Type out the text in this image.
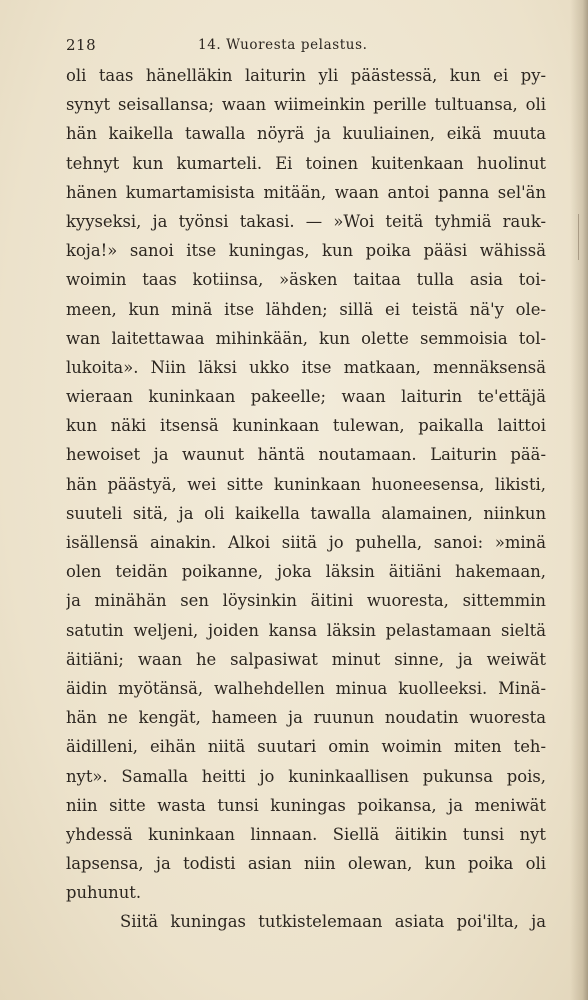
218	14. Wuoresta pelastus.
oli taas hänelläkin laiturin yli päästessä, kun ei py-
synyt seisallansa; waan wiimeinkin perille tultuansa, oli
hän kaikella tawalla nöyrä ja kuuliainen, eikä muuta
tehnyt kun kumarteli. Ei toinen kuitenkaan huolinut
hänen kumartamisista mitään, waan antoi panna sel'än
kyyseksi, ja työnsi takasi. — »Woi teitä tyhmiä rauk-
koja!» sanoi itse kuningas, kun poika pääsi wähissä
woimin taas kotiinsa, »äsken taitaa tulla asia toi-
meen, kun minä itse lähden; sillä ei teistä nä'y ole-
wan laitettawaa mihinkään, kun olette semmoisia tol-
lukoita». Niin läksi ukko itse matkaan, mennäksensä
wieraan kuninkaan pakeelle; waan laiturin te'ettäjä
kun näki itsensä kuninkaan tulewan, paikalla laittoi
hewoiset ja waunut häntä noutamaan. Laiturin pää-
hän päästyä, wei sitte kuninkaan huoneesensa, likisti,
suuteli sitä, ja oli kaikella tawalla alamainen, niinkun
isällensä ainakin. Alkoi siitä jo puhella, sanoi: »minä
olen teidän poikanne, joka läksin äitiäni hakemaan,
ja minähän sen löysinkin äitini wuoresta, sittemmin
satutin weljeni, joiden kansa läksin pelastamaan sieltä
äitiäni; waan he salpasiwat minut sinne, ja weiwät
äidin myötänsä, walhehdellen minua kuolleeksi. Minä-
hän ne kengät, hameen ja ruunun noudatin wuoresta
äidilleni, eihän niitä suutari omin woimin miten teh-
nyt». Samalla heitti jo kuninkaallisen pukunsa pois,
niin sitte wasta tunsi kuningas poikansa, ja meniwät
yhdessä kuninkaan linnaan. Siellä äitikin tunsi nyt
lapsensa, ja todisti asian niin olewan, kun poika oli
puhunut.
Siitä kuningas tutkistelemaan asiata poi'ilta, ja
